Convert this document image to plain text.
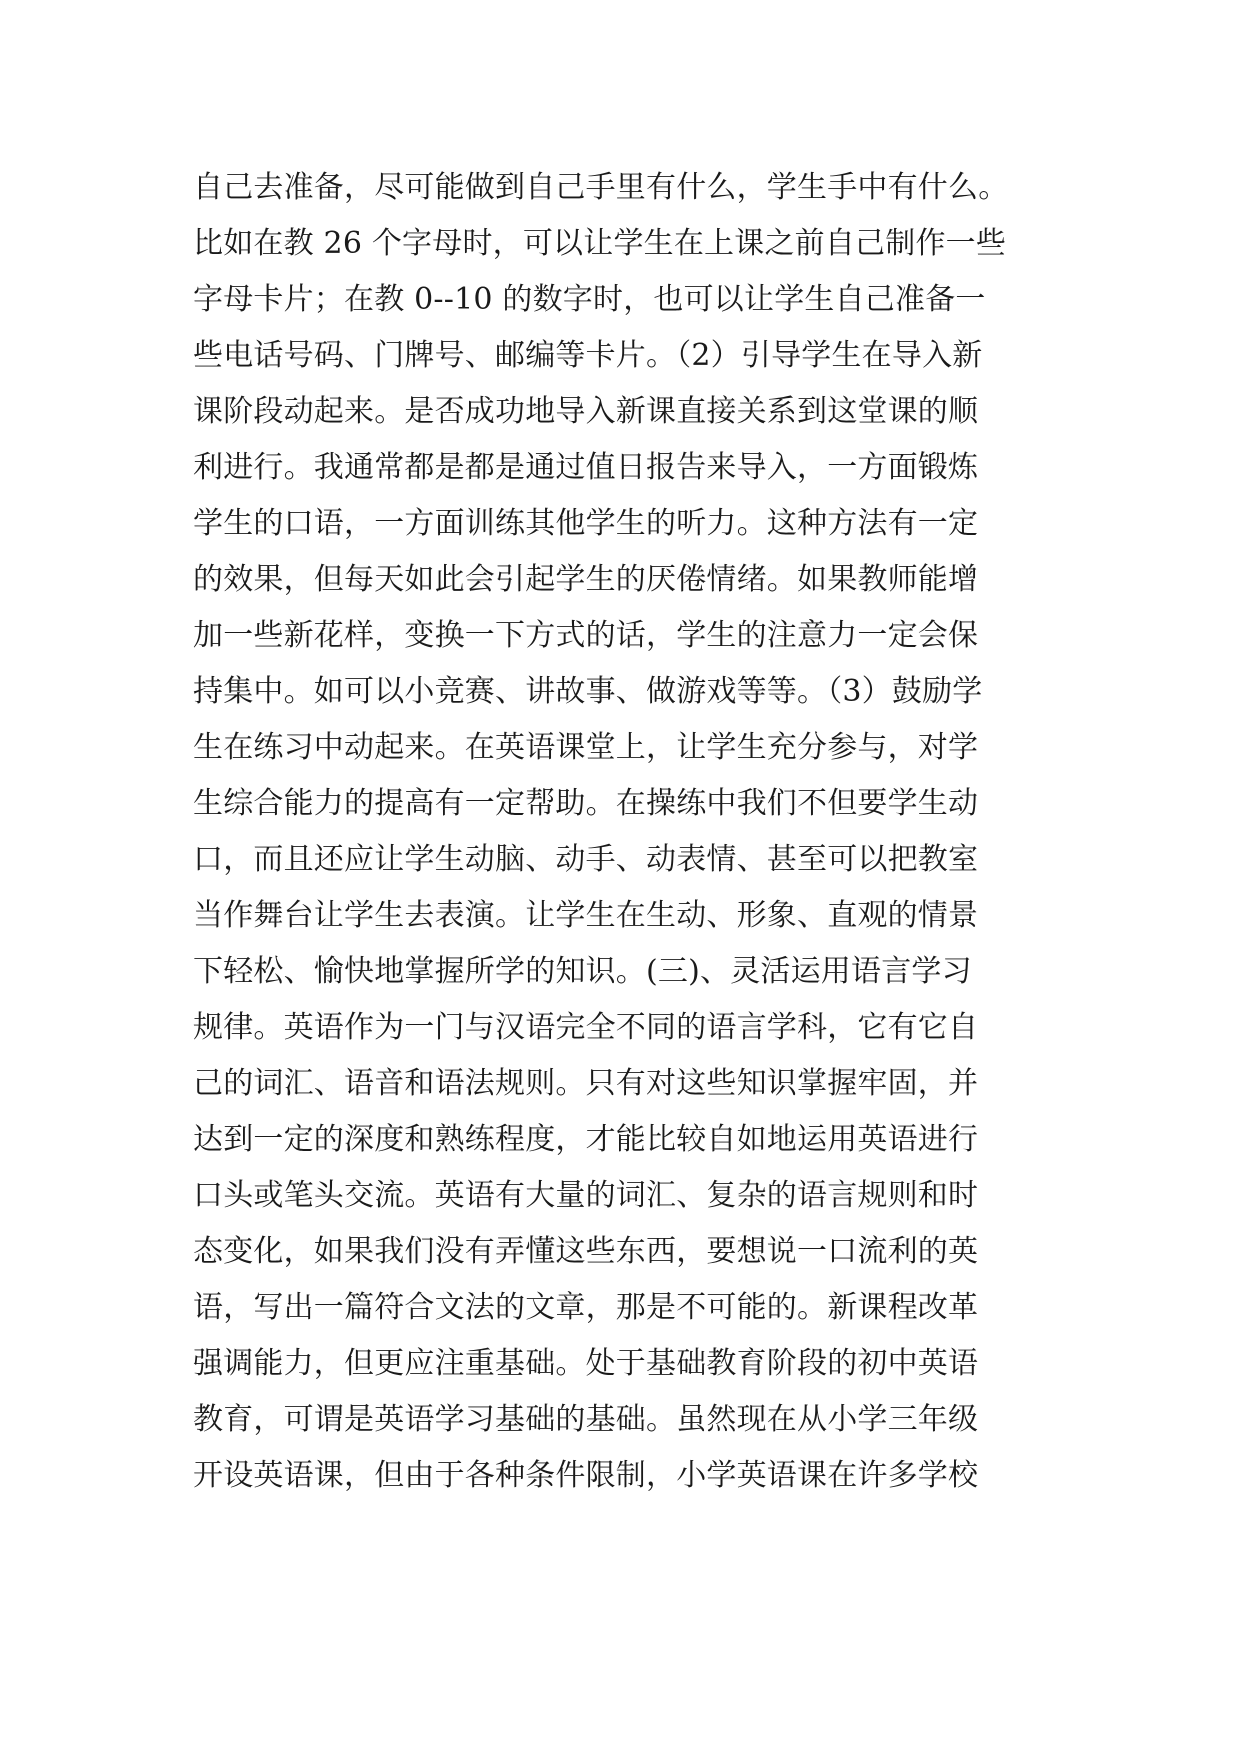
自己去准备，尽可能做到自己手里有什么，学生手中有什么。
比如在教 26 个字母时，可以让学生在上课之前自己制作一些
字母卡片；在教 0--10 的数字时，也可以让学生自己准备一
些电话号码、门牌号、邮编等卡片。（2）引导学生在导入新
课阶段动起来。是否成功地导入新课直接关系到这堂课的顺
利进行。我通常都是都是通过值日报告来导入，一方面锻炼
学生的口语，一方面训练其他学生的听力。这种方法有一定
的效果，但每天如此会引起学生的厌倦情绪。如果教师能增
加一些新花样，变换一下方式的话，学生的注意力一定会保
持集中。如可以小竞赛、讲故事、做游戏等等。（3）鼓励学
生在练习中动起来。在英语课堂上，让学生充分参与，对学
生综合能力的提高有一定帮助。在操练中我们不但要学生动
口，而且还应让学生动脑、动手、动表情、甚至可以把教室
当作舞台让学生去表演。让学生在生动、形象、直观的情景
下轻松、愉快地掌握所学的知识。(三)、灵活运用语言学习
规律。英语作为一门与汉语完全不同的语言学科，它有它自
己的词汇、语音和语法规则。只有对这些知识掌握牢固，并
达到一定的深度和熟练程度，才能比较自如地运用英语进行
口头或笔头交流。英语有大量的词汇、复杂的语言规则和时
态变化，如果我们没有弄懂这些东西，要想说一口流利的英
语，写出一篇符合文法的文章，那是不可能的。新课程改革
强调能力，但更应注重基础。处于基础教育阶段的初中英语
教育，可谓是英语学习基础的基础。虽然现在从小学三年级
开设英语课，但由于各种条件限制，小学英语课在许多学校
